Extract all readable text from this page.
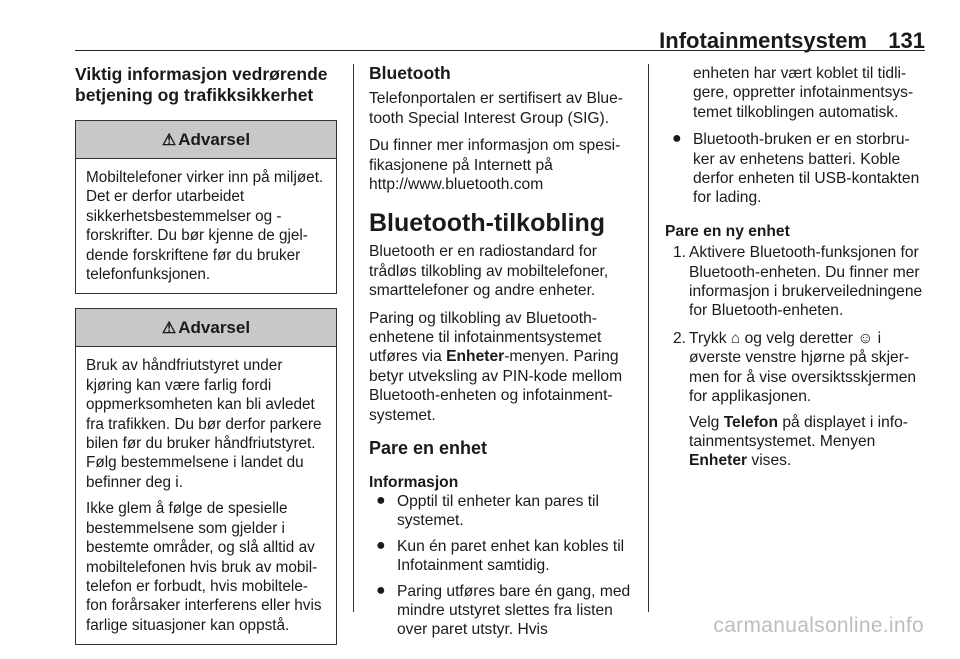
Infotainmentsystem 131
Viktig informasjon vedrørende betjening og trafikksikkerhet
⚠ Advarsel

Mobiltelefoner virker inn på miljøet. Det er derfor utarbeidet sikkerhetsbestemmelser og -forskrifter. Du bør kjenne de gjel-dende forskriftene før du bruker telefonfunksjonen.

⚠ Advarsel

Bruk av håndfriutstyret under kjøring kan være farlig fordi oppmerksomheten kan bli avledet fra trafikken. Du bør derfor parkere bilen før du bruker håndfriutstyret. Følg bestemmelsene i landet du befinner deg i.

Ikke glem å følge de spesielle bestemmelsene som gjelder i bestemte områder, og slå alltid av mobiltelefonen hvis bruk av mobil-telefon er forbudt, hvis mobiltele-fon forårsaker interferens eller hvis farlige situasjoner kan oppstå.

Bluetooth

Telefonportalen er sertifisert av Blue-tooth Special Interest Group (SIG).

Du finner mer informasjon om spesi-fikasjonene på Internett på http://www.bluetooth.com

Bluetooth-tilkobling

Bluetooth er en radiostandard for trådløs tilkobling av mobiltelefoner, smarttelefoner og andre enheter.

Paring og tilkobling av Bluetooth-enhetene til infotainmentsystemet utføres via Enheter-menyen. Paring betyr utveksling av PIN-kode mellom Bluetooth-enheten og infotainment-systemet.

Pare en enhet
Informasjon
● Opptil til enheter kan pares til systemet.
● Kun én paret enhet kan kobles til Infotainment samtidig.
● Paring utføres bare én gang, med mindre utstyret slettes fra listen over paret utstyr. Hvis
enheten har vært koblet til tidli-gere, oppretter infotainmentsys-temet tilkoblingen automatisk.
● Bluetooth-bruken er en storbru-ker av enhetens batteri. Koble derfor enheten til USB-kontakten for lading.
Pare en ny enhet
1. Aktivere Bluetooth-funksjonen for Bluetooth-enheten. Du finner mer informasjon i brukerveiledningene for Bluetooth-enheten.
2. Trykk ⌂ og velg deretter ☺ i øverste venstre hjørne på skjer-men for å vise oversiktsskjermen for applikasjonen.
Velg Telefon på displayet i info-tainmentsystemet. Menyen Enheter vises.
carmanualsonline.info
